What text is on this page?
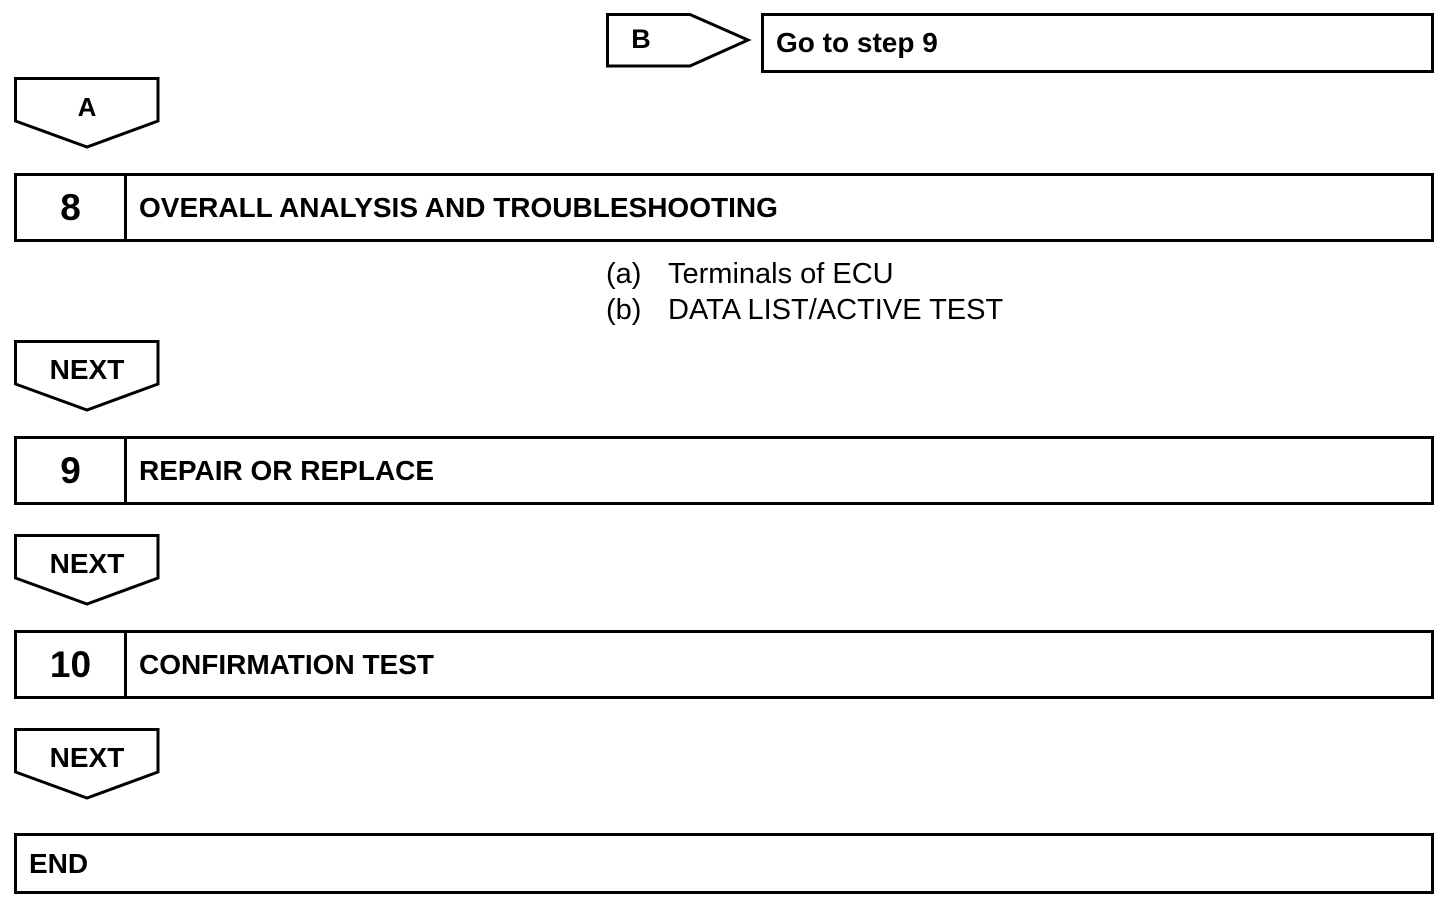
B	Go to step 9
A
8	OVERALL ANALYSIS AND TROUBLESHOOTING
(a) Terminals of ECU
(b) DATA LIST/ACTIVE TEST
NEXT
9	REPAIR OR REPLACE
NEXT
10	CONFIRMATION TEST
NEXT
END
